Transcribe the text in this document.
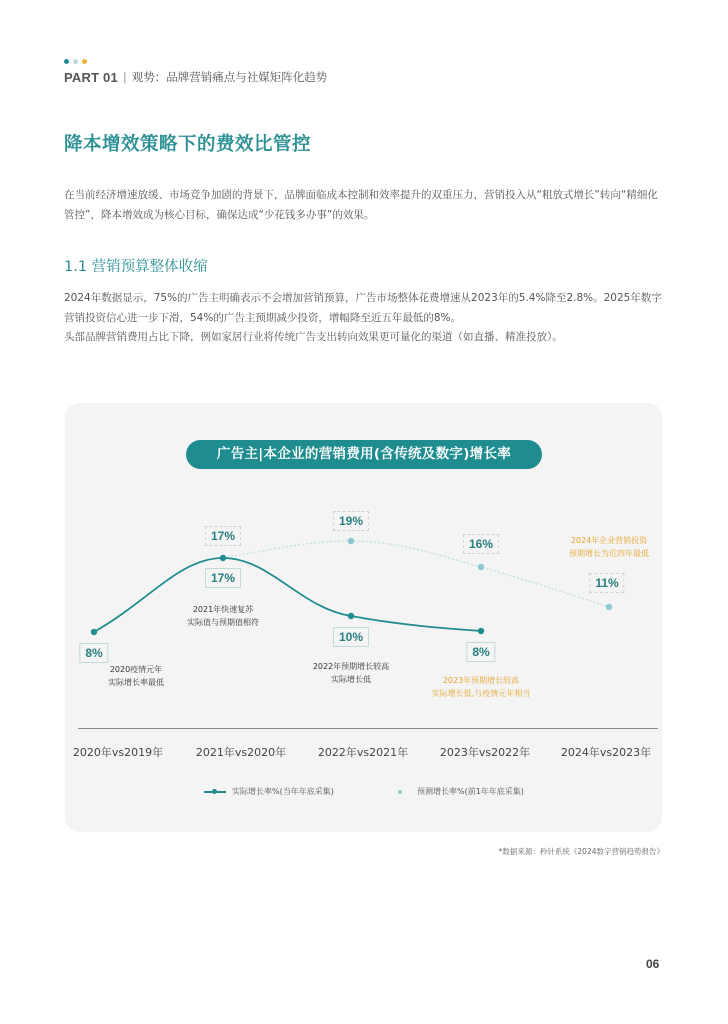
PART 01 | 观势：品牌营销痛点与社媒矩阵化趋势
降本增效策略下的费效比管控
在当前经济增速放缓、市场竞争加剧的背景下，品牌面临成本控制和效率提升的双重压力，营销投入从“粗放式增长”转向“精细化管控”，降本增效成为核心目标，确保达成“少花钱多办事”的效果。
1.1 营销预算整体收缩
2024年数据显示，75%的广告主明确表示不会增加营销预算，广告市场整体花费增速从2023年的5.4%降至2.8%。2025年数字营销投资信心进一步下滑，54%的广告主预期减少投资，增幅降至近五年最低的8%。
头部品牌营销费用占比下降，例如家居行业将传统广告支出转向效果更可量化的渠道（如直播、精准投放）。
广告主|本企业的营销费用(含传统及数字)增长率
17%
17%
8%
19%
10%
16%
8%
11%
2020疫情元年
实际增长率最低
2021年快速复苏
实际值与预期值相符
2022年预期增长较高
实际增长低	2023年预期增长较高
实际增长低,与疫情元年相当
2024年企业营销投资
预期增长为近四年最低
2020年vs2019年	2021年vs2020年	2022年vs2021年	2023年vs2022年	2024年vs2023年
实际增长率%(当年年底采集)	预测增长率%(前1年年底采集)
*数据来源：秒针系统《2024数字营销趋势报告》
06
